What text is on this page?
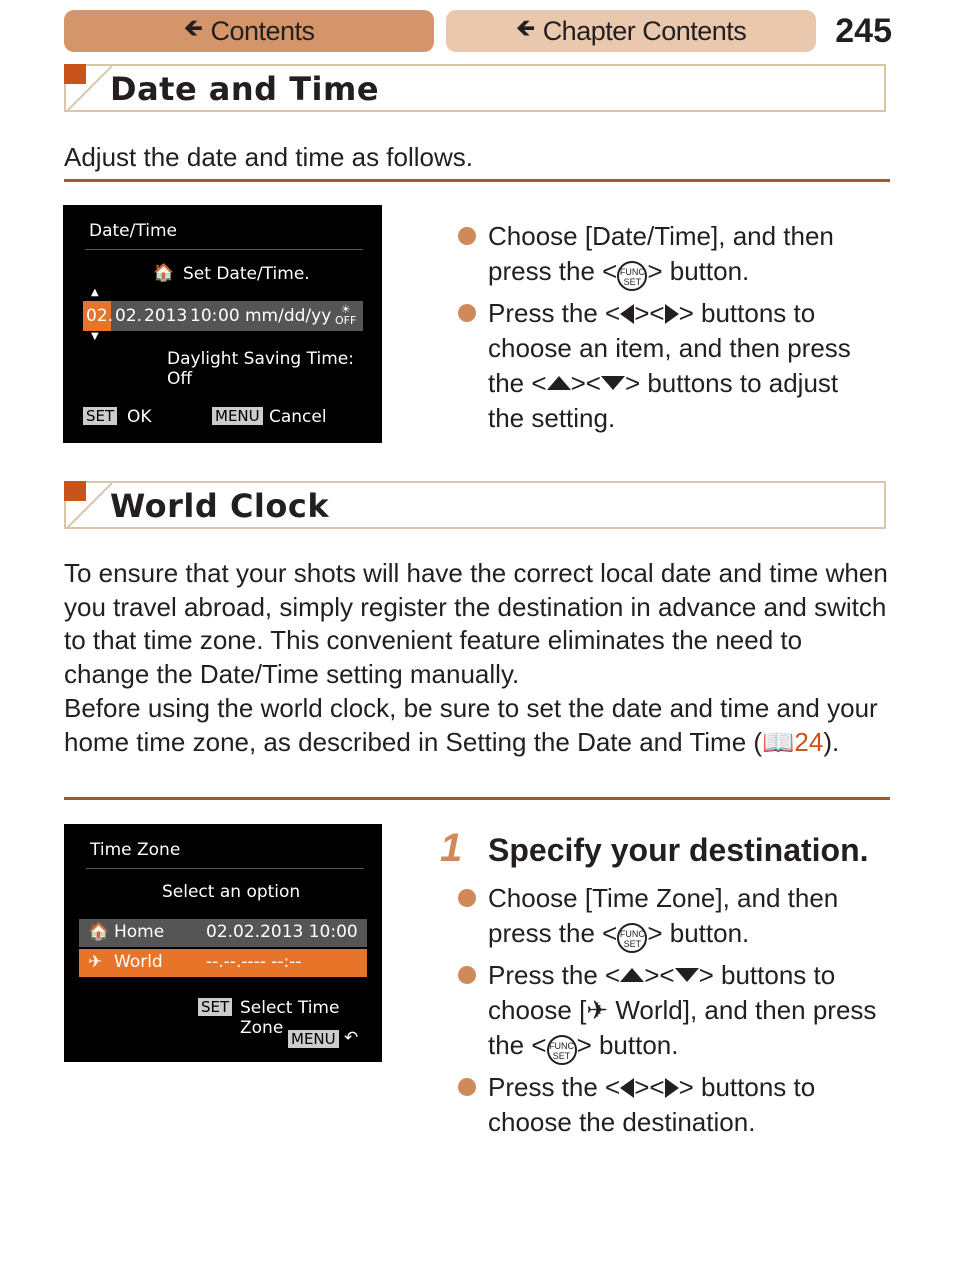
🡸 Contents	🡸 Chapter Contents	245
Date and Time
Adjust the date and time as follows.
Date/Time
🏠 Set Date/Time.
▲
02. 02. 2013 10: 00 mm/dd/yy ☀
OFF
▼
Daylight Saving Time: Off
SET OK	MENU Cancel
Choose [Date/Time], and then press the < FUNC
SET > button.
Press the < >< > buttons to choose an item, and then press the < >< > buttons to adjust the setting.
World Clock
To ensure that your shots will have the correct local date and time when you travel abroad, simply register the destination in advance and switch to that time zone. This convenient feature eliminates the need to change the Date/Time setting manually.
Before using the world clock, be sure to set the date and time and your home time zone, as described in Setting the Date and Time (📖24).
Time Zone
Select an option
🏠 Home 02.02.2013 10:00
✈ World	--.--.---- --:--
SET Select Time Zone
MENU ↶
1 Specify your destination.
Choose [Time Zone], and then press the < FUNC
SET > button.
Press the < >< > buttons to choose [✈ World], and then press the < FUNC
SET > button.
Press the < >< > buttons to choose the destination.
